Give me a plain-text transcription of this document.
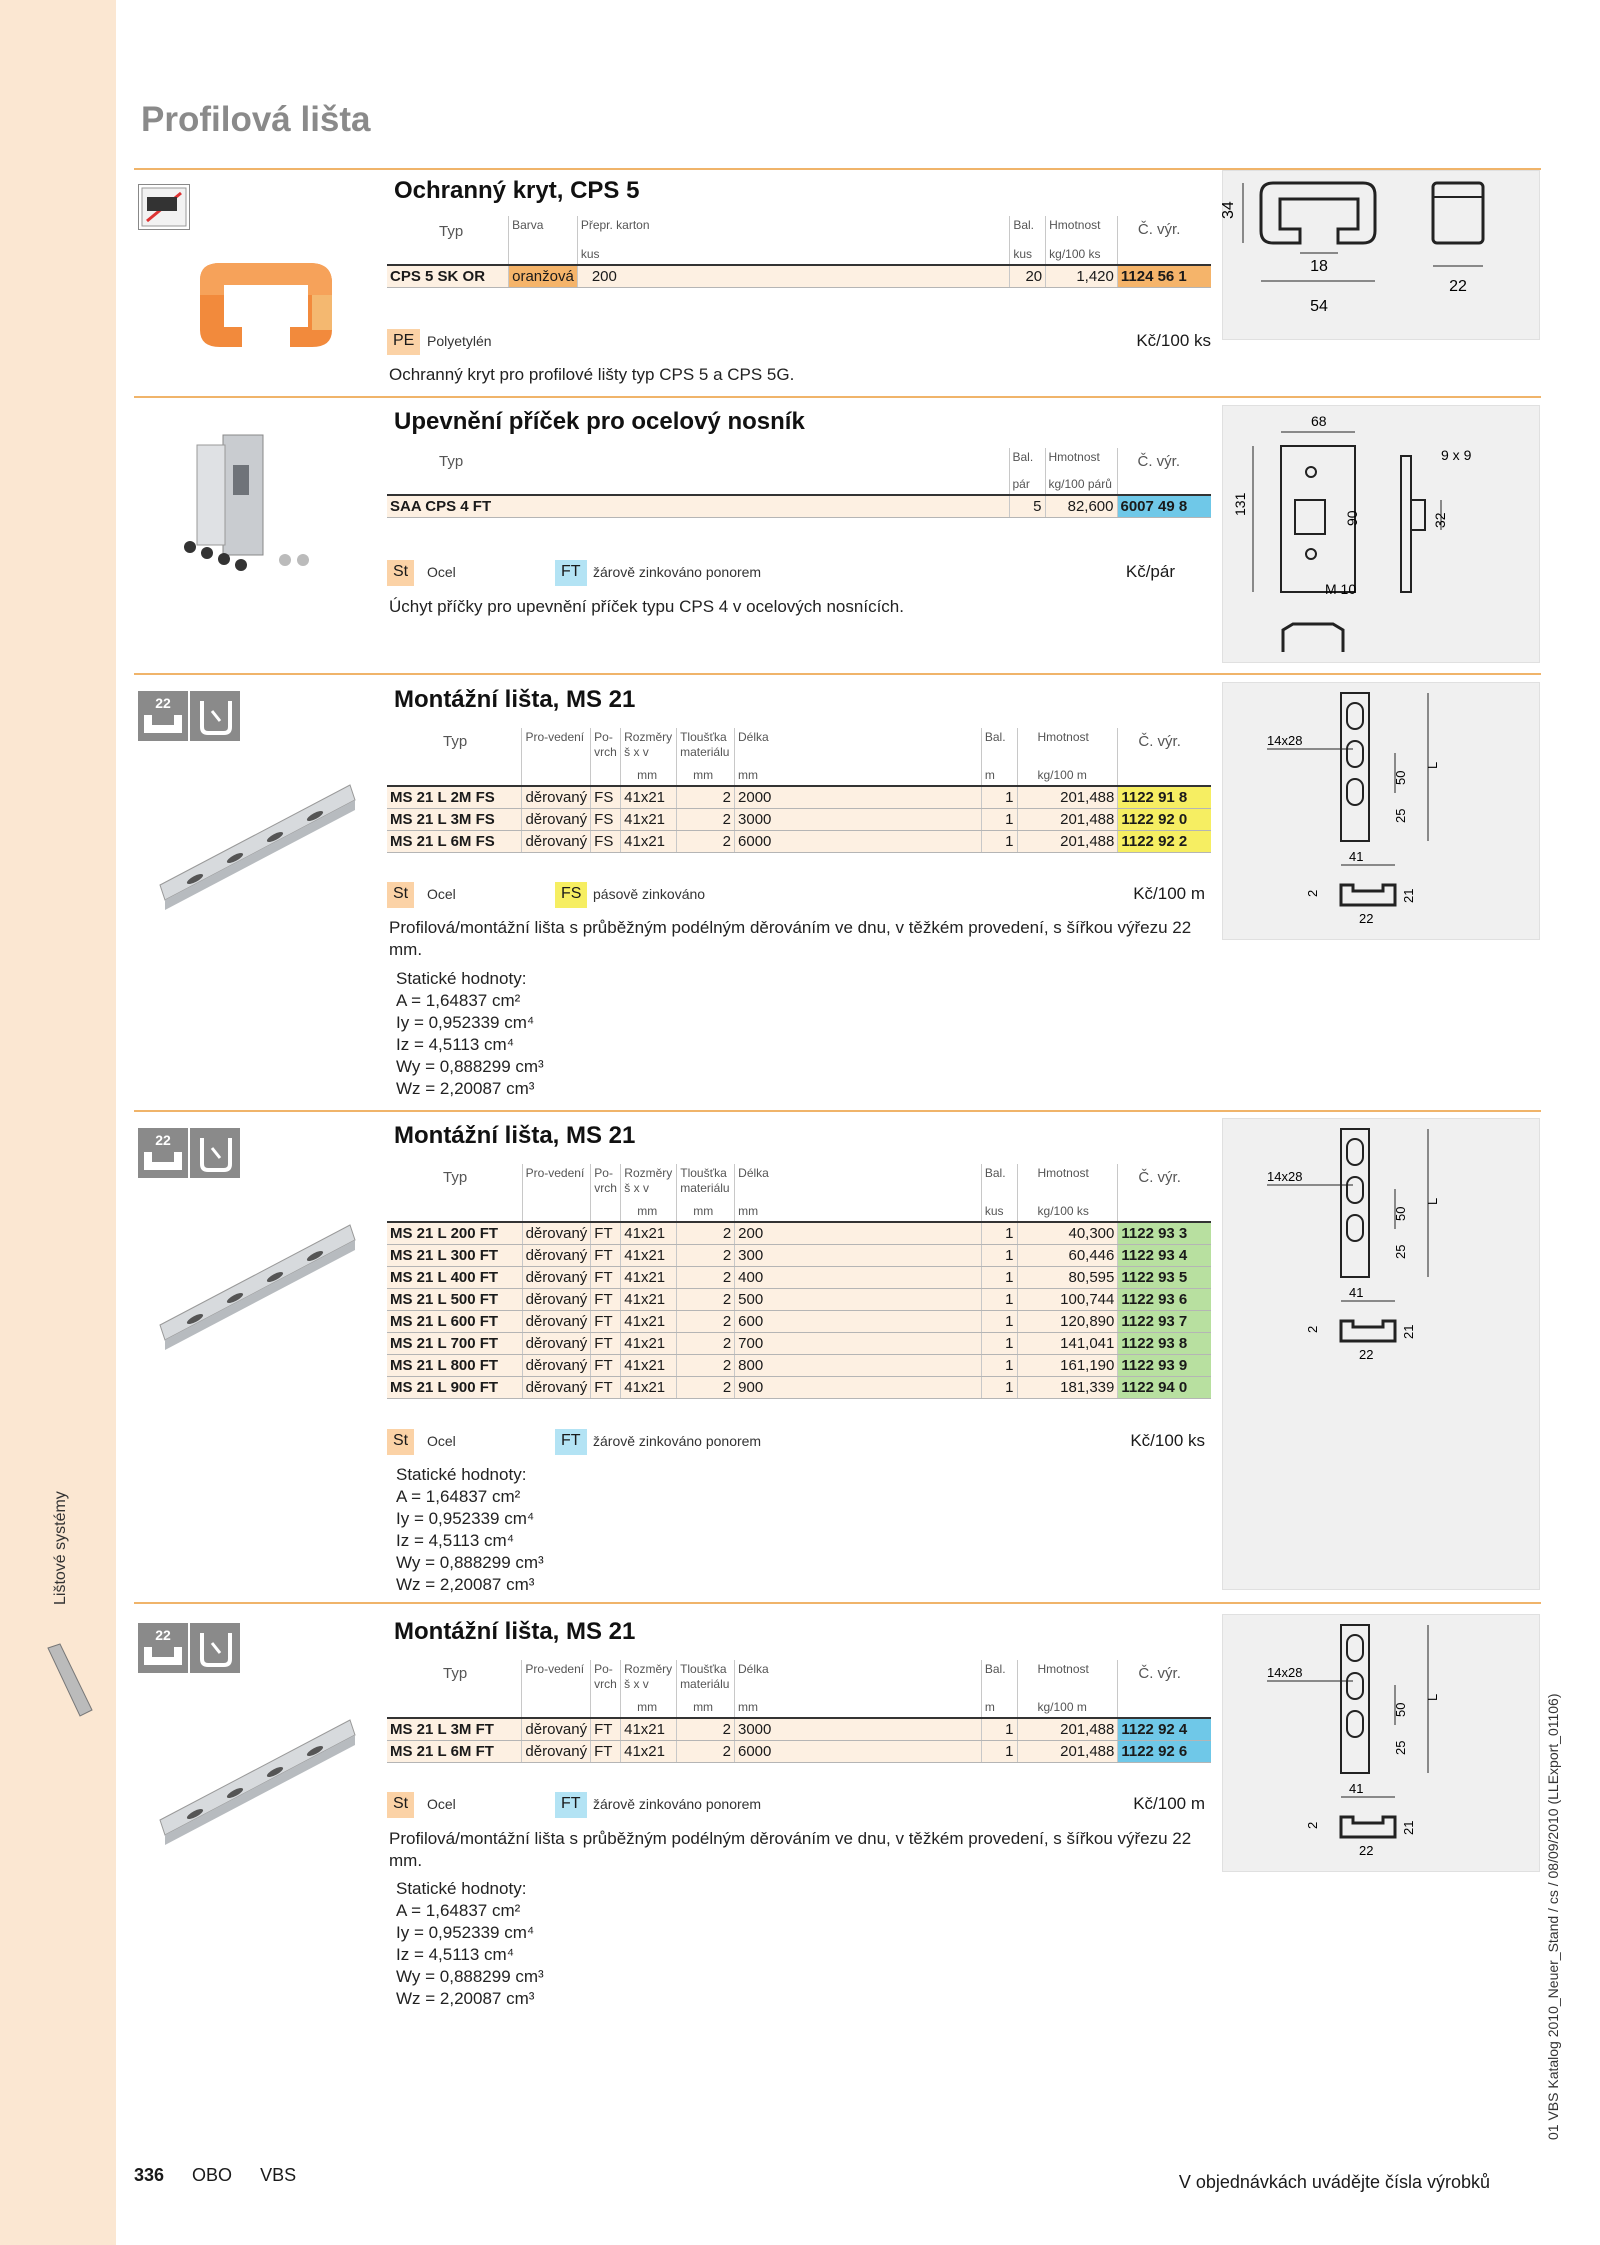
Profilová lišta
Ochranný kryt, CPS 5
Typ	Barva	Přepr. karton	Bal.	Hmotnost	Č. výr.
		kus	kus	kg/100 ks	
CPS 5 SK OR	oranžová	200	20	1,420	1124 56 1
PE Polyetylén	Kč/100 ks
Ochranný kryt pro profilové lišty typ CPS 5 a CPS 5G.
34
18
54
22
Upevnění příček pro ocelový nosník
Typ	Bal.	Hmotnost	Č. výr.
	pár	kg/100 párů	
SAA CPS 4 FT	5	82,600	6007 49 8
St	Ocel	FT žárově zinkováno ponorem	Kč/pár
Úchyt příčky pro upevnění příček typu CPS 4 v ocelových nosnících.
68
9 x 9
131
90	32
M 10
22	Montážní lišta, MS 21
Typ	Pro-vedení	Po-vrch	Rozměry š x v	Tloušťka materiálu	Délka	Bal.	Hmotnost	Č. výr.
			mm	mm	mm	m	kg/100 m	
MS 21 L 2M FS	děrovaný	FS	41x21	2	2000	1	201,488	1122 91 8
MS 21 L 3M FS	děrovaný	FS	41x21	2	3000	1	201,488	1122 92 0
MS 21 L 6M FS	děrovaný	FS	41x21	2	6000	1	201,488	1122 92 2
St	Ocel	FS pásově zinkováno	Kč/100 m
Profilová/montážní lišta s průběžným podélným děrováním ve dnu, v těžkém provedení, s šířkou výřezu 22 mm.
Statické hodnoty:
A = 1,64837 cm²
Iy = 0,952339 cm⁴
Iz = 4,5113 cm⁴
Wy = 0,888299 cm³
Wz = 2,20087 cm³
14x28
50
25
L
41
2
22
21
22	Montážní lišta, MS 21
Typ	Pro-vedení	Po-vrch	Rozměry š x v	Tloušťka materiálu	Délka	Bal.	Hmotnost	Č. výr.
			mm	mm	mm	kus	kg/100 ks	
MS 21 L 200 FT	děrovaný	FT	41x21	2	200	1	40,300	1122 93 3
MS 21 L 300 FT	děrovaný	FT	41x21	2	300	1	60,446	1122 93 4
MS 21 L 400 FT	děrovaný	FT	41x21	2	400	1	80,595	1122 93 5
MS 21 L 500 FT	děrovaný	FT	41x21	2	500	1	100,744	1122 93 6
MS 21 L 600 FT	děrovaný	FT	41x21	2	600	1	120,890	1122 93 7
MS 21 L 700 FT	děrovaný	FT	41x21	2	700	1	141,041	1122 93 8
MS 21 L 800 FT	děrovaný	FT	41x21	2	800	1	161,190	1122 93 9
MS 21 L 900 FT	děrovaný	FT	41x21	2	900	1	181,339	1122 94 0
St	Ocel	FT žárově zinkováno ponorem	Kč/100 ks
Statické hodnoty:
A = 1,64837 cm²
Iy = 0,952339 cm⁴
Iz = 4,5113 cm⁴
Wy = 0,888299 cm³
Wz = 2,20087 cm³
14x28
50
25
L
41
2
22
21
22	Montážní lišta, MS 21
Typ	Pro-vedení	Po-vrch	Rozměry š x v	Tloušťka materiálu	Délka	Bal.	Hmotnost	Č. výr.
			mm	mm	mm	m	kg/100 m	
MS 21 L 3M FT	děrovaný	FT	41x21	2	3000	1	201,488	1122 92 4
MS 21 L 6M FT	děrovaný	FT	41x21	2	6000	1	201,488	1122 92 6
St	Ocel	FT žárově zinkováno ponorem	Kč/100 m
Profilová/montážní lišta s průběžným podélným děrováním ve dnu, v těžkém provedení, s šířkou výřezu 22 mm.
Statické hodnoty:
A = 1,64837 cm²
Iy = 0,952339 cm⁴
Iz = 4,5113 cm⁴
Wy = 0,888299 cm³
Wz = 2,20087 cm³
14x28
50
25
L
41
2
22
21
Lištové systémy
01 VBS Katalog 2010_Neuer_Stand / cs / 08/09/2010 (LLExport_01106)
336 OBO VBS	V objednávkách uvádějte čísla výrobků
